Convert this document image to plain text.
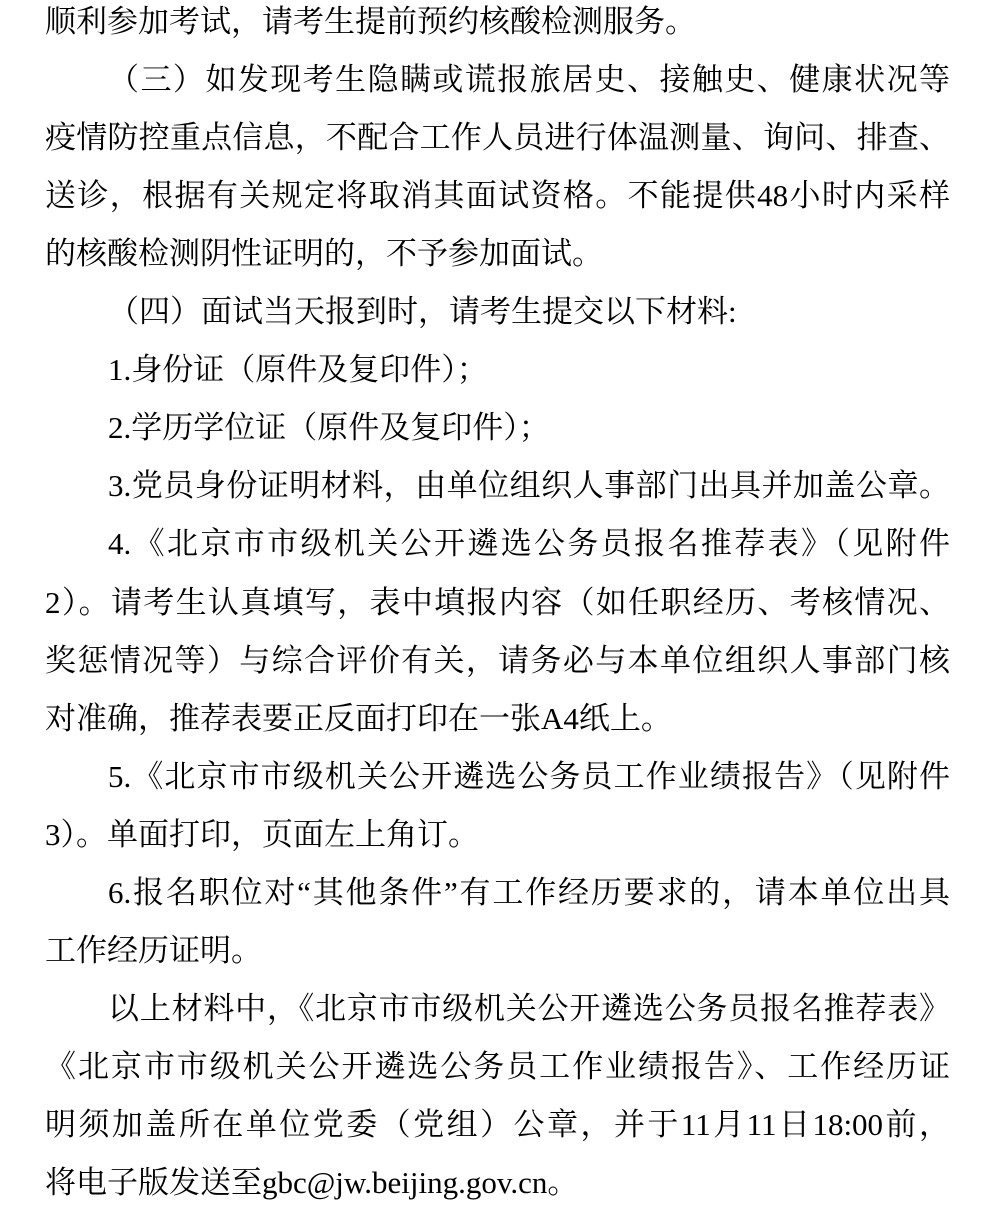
顺利参加考试，请考生提前预约核酸检测服务。
（三）如发现考生隐瞒或谎报旅居史、接触史、健康状况等
疫情防控重点信息，不配合工作人员进行体温测量、询问、排查、
送诊，根据有关规定将取消其面试资格。不能提供48小时内采样
的核酸检测阴性证明的，不予参加面试。
（四）面试当天报到时，请考生提交以下材料:
1.身份证（原件及复印件）；
2.学历学位证（原件及复印件）；
3.党员身份证明材料，由单位组织人事部门出具并加盖公章。
4.《北京市市级机关公开遴选公务员报名推荐表》（见附件
2）。请考生认真填写，表中填报内容（如任职经历、考核情况、
奖惩情况等）与综合评价有关，请务必与本单位组织人事部门核
对准确，推荐表要正反面打印在一张A4纸上。
5.《北京市市级机关公开遴选公务员工作业绩报告》（见附件
3）。单面打印，页面左上角订。
6.报名职位对“其他条件”有工作经历要求的，请本单位出具
工作经历证明。
以上材料中，《北京市市级机关公开遴选公务员报名推荐表》
《北京市市级机关公开遴选公务员工作业绩报告》、工作经历证
明须加盖所在单位党委（党组）公章，并于11月11日18:00前，
将电子版发送至gbc@jw.beijing.gov.cn。
